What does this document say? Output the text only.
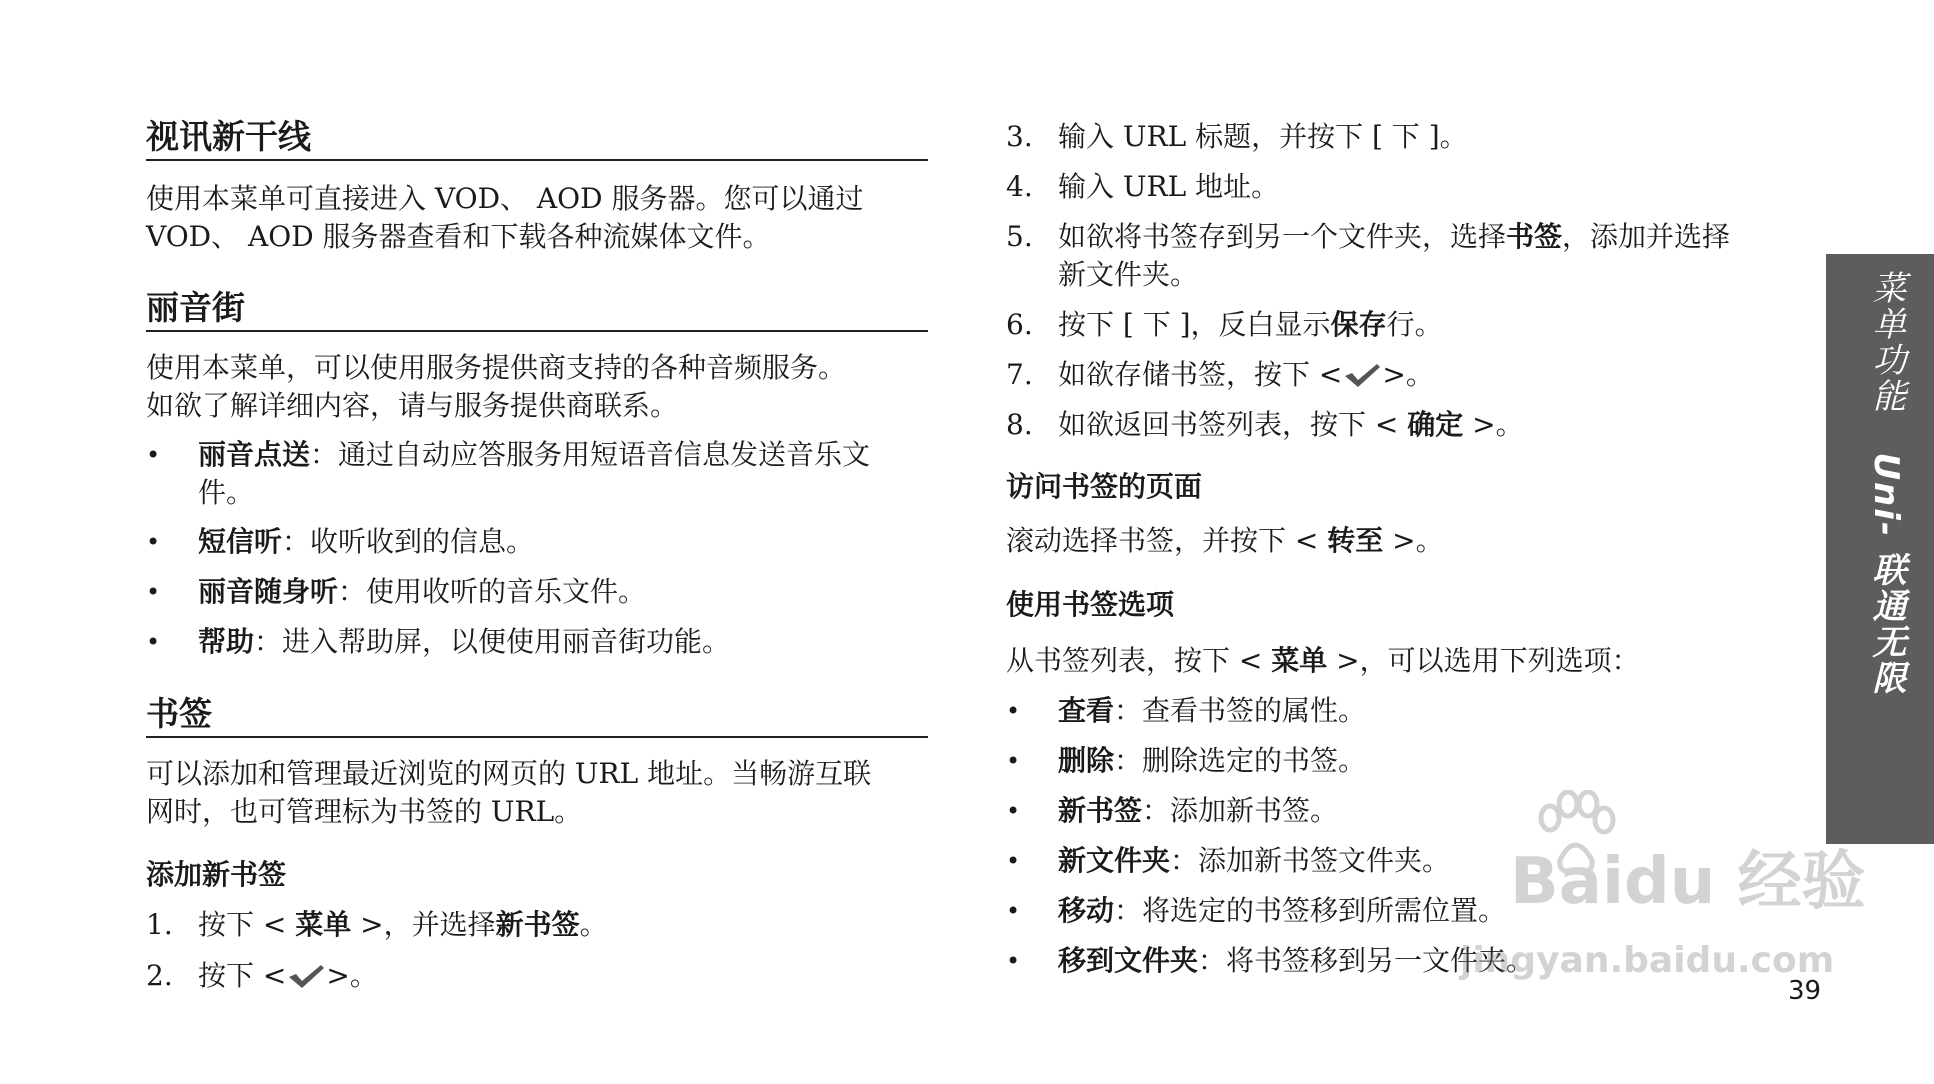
视讯新干线
使用本菜单可直接进入 VOD、 AOD 服务器。您可以通过
VOD、 AOD 服务器查看和下载各种流媒体文件。
丽音街
使用本菜单，可以使用服务提供商支持的各种音频服务。
如欲了解详细内容，请与服务提供商联系。
• 丽音点送：通过自动应答服务用短语音信息发送音乐文
件。
• 短信听：收听收到的信息。
• 丽音随身听：使用收听的音乐文件。
• 帮助：进入帮助屏，以便使用丽音街功能。
书签
可以添加和管理最近浏览的网页的 URL 地址。当畅游互联
网时，也可管理标为书签的 URL。
添加新书签
1. 按下 < 菜单 >，并选择新书签。
2. 按下 < >。
3. 输入 URL 标题，并按下 [ 下 ]。
4. 输入 URL 地址。
5. 如欲将书签存到另一个文件夹，选择书签，添加并选择
新文件夹。
6. 按下 [ 下 ]，反白显示保存行。
7. 如欲存储书签，按下 < >。
8. 如欲返回书签列表，按下 < 确定 >。
访问书签的页面
滚动选择书签，并按下 < 转至 >。
使用书签选项
从书签列表，按下 < 菜单 >，可以选用下列选项：
• 查看：查看书签的属性。
• 删除：删除选定的书签。
• 新书签：添加新书签。
• 新文件夹：添加新书签文件夹。
• 移动：将选定的书签移到所需位置。
• 移到文件夹：将书签移到另一文件夹。
菜单功能   Uni- 联通无限
39
Baidu 经验
jingyan.baidu.com
